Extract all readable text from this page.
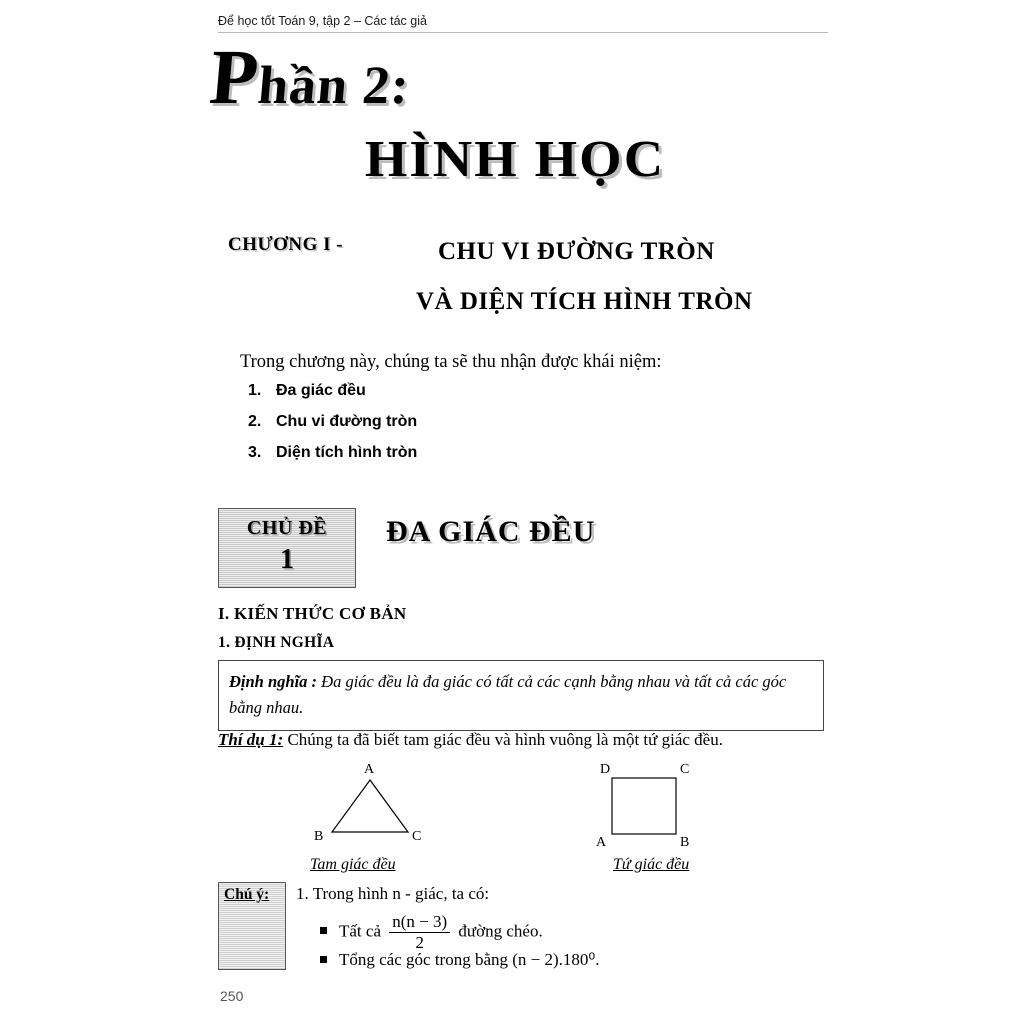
Để học tốt Toán 9, tập 2 – Các tác giả
Phần 2:
HÌNH HỌC
CHƯƠNG I -	CHU VI ĐƯỜNG TRÒN
VÀ DIỆN TÍCH HÌNH TRÒN
Trong chương này, chúng ta sẽ thu nhận được khái niệm:
1. Đa giác đều
2. Chu vi đường tròn
3. Diện tích hình tròn
CHỦ ĐỀ
1
ĐA GIÁC ĐỀU
I. KIẾN THỨC CƠ BẢN
1. ĐỊNH NGHĨA
Định nghĩa : Đa giác đều là đa giác có tất cả các cạnh bằng nhau và tất cả các góc bằng nhau.
Thí dụ 1: Chúng ta đã biết tam giác đều và hình vuông là một tứ giác đều.
A
B	C
Tam giác đều
D	C
A	B
Tứ giác đều
Chú ý: 1. Trong hình n - giác, ta có:
Tất cả $\frac{n(n - 3)}{2}$ đường chéo.
Tổng các góc trong bằng (n − 2).180⁰.
250
